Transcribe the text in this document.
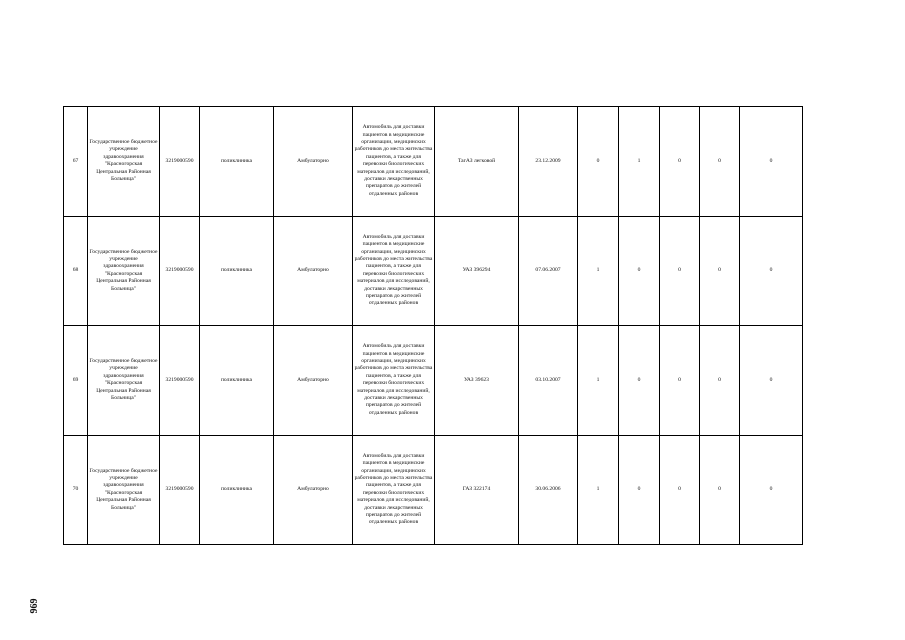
67	Государственное бюджетное учреждение здравоохранения "Красногорская Центральная Районная Больница"	3219000590	поликлиника	Амбулаторно	Автомобиль для доставки пациентов в медицинские организации, медицинских работников до места жительства пациентов, а также для перевозки биологических материалов для исследований, доставки лекарственных препаратов до жителей отдаленных районов	ТагАЗ легковой	23.12.2009	0	1	0	0	0
68	Государственное бюджетное учреждение здравоохранения "Красногорская Центральная Районная Больница"	3219000590	поликлиника	Амбулаторно	Автомобиль для доставки пациентов в медицинские организации, медицинских работников до места жительства пациентов, а также для перевозки биологических материалов для исследований, доставки лекарственных препаратов до жителей отдаленных районов	УАЗ 396294	07.06.2007	1	0	0	0	0
69	Государственное бюджетное учреждение здравоохранения "Красногорская Центральная Районная Больница"	3219000590	поликлиника	Амбулаторно	Автомобиль для доставки пациентов в медицинские организации, медицинских работников до места жительства пациентов, а также для перевозки биологических материалов для исследований, доставки лекарственных препаратов до жителей отдаленных районов	УАЗ 39623	03.10.2007	1	0	0	0	0
70	Государственное бюджетное учреждение здравоохранения "Красногорская Центральная Районная Больница"	3219000590	поликлиника	Амбулаторно	Автомобиль для доставки пациентов в медицинские организации, медицинских работников до места жительства пациентов, а также для перевозки биологических материалов для исследований, доставки лекарственных препаратов до жителей отдаленных районов	ГАЗ 322174	30.06.2006	1	0	0	0	0
969
